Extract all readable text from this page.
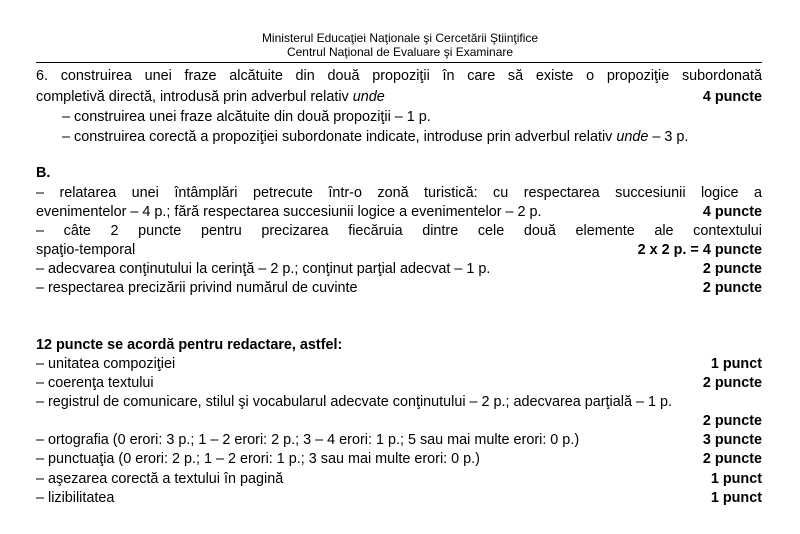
Ministerul Educaţiei Naţionale şi Cercetării Ştiinţifice
Centrul Naţional de Evaluare şi Examinare
6. construirea unei fraze alcătuite din două propoziţii în care să existe o propoziţie subordonată
completivă directă, introdusă prin adverbul relativ unde	4 puncte
– construirea unei fraze alcătuite din două propoziţii – 1 p.
– construirea corectă a propoziţiei subordonate indicate, introduse prin adverbul relativ unde – 3 p.
B.
– relatarea unei întâmplări petrecute într-o zonă turistică: cu respectarea succesiunii logice a
evenimentelor – 4 p.; fără respectarea succesiunii logice a evenimentelor – 2 p.	4 puncte
– câte 2 puncte pentru precizarea fiecăruia dintre cele două elemente ale contextului
spaţio-temporal	2 x 2 p. = 4 puncte
– adecvarea conţinutului la cerinţă – 2 p.; conţinut parţial adecvat – 1 p.	2 puncte
– respectarea precizării privind numărul de cuvinte	2 puncte
12 puncte se acordă pentru redactare, astfel:
– unitatea compoziţiei	1 punct
– coerenţa textului	2 puncte
– registrul de comunicare, stilul şi vocabularul adecvate conţinutului – 2 p.; adecvarea parţială – 1 p.
2 puncte
– ortografia (0 erori: 3 p.; 1 – 2 erori: 2 p.; 3 – 4 erori: 1 p.; 5 sau mai multe erori: 0 p.)	3 puncte
– punctuaţia (0 erori: 2 p.; 1 – 2 erori: 1 p.; 3 sau mai multe erori: 0 p.)	2 puncte
– aşezarea corectă a textului în pagină	1 punct
– lizibilitatea	1 punct
